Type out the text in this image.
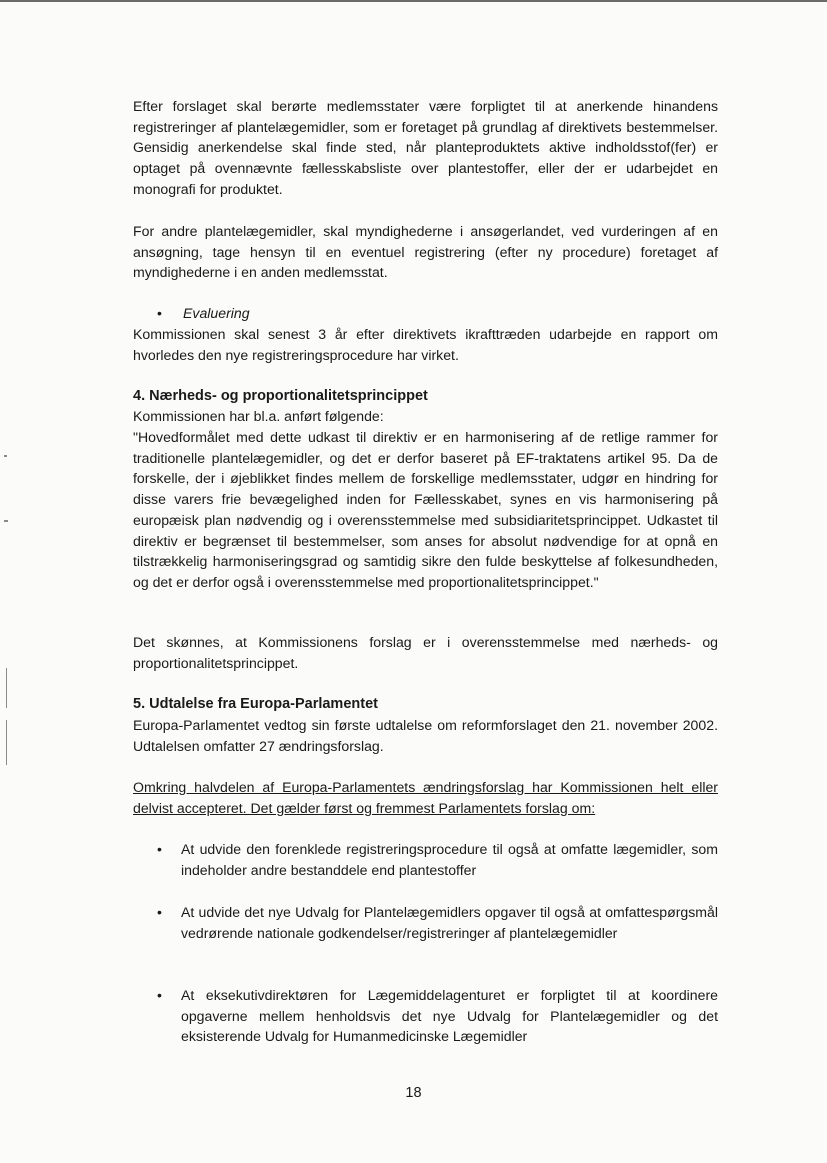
Efter forslaget skal berørte medlemsstater være forpligtet til at anerkende hinandens registreringer af plantelægemidler, som er foretaget på grundlag af direktivets bestemmelser. Gensidig anerkendelse skal finde sted, når planteproduktets aktive indholdsstof(fer) er optaget på ovennævnte fællesskabsliste over plantestoffer, eller der er udarbejdet en monografi for produktet.

For andre plantelægemidler, skal myndighederne i ansøgerlandet, ved vurderingen af en ansøgning, tage hensyn til en eventuel registrering (efter ny procedure) foretaget af myndighederne i en anden medlemsstat.

• Evaluering

Kommissionen skal senest 3 år efter direktivets ikrafttræden udarbejde en rapport om hvorledes den nye registreringsprocedure har virket.

4. Nærheds- og proportionalitetsprincippet

Kommissionen har bl.a. anført følgende:

"Hovedformålet med dette udkast til direktiv er en harmonisering af de retlige rammer for traditionelle plantelægemidler, og det er derfor baseret på EF-traktatens artikel 95. Da de forskelle, der i øjeblikket findes mellem de forskellige medlemsstater, udgør en hindring for disse varers frie bevægelighed inden for Fællesskabet, synes en vis harmonisering på europæisk plan nødvendig og i overensstemmelse med subsidiaritetsprincippet. Udkastet til direktiv er begrænset til bestemmelser, som anses for absolut nødvendige for at opnå en tilstrækkelig harmoniseringsgrad og samtidig sikre den fulde beskyttelse af folkesundheden, og det er derfor også i overensstemmelse med proportionalitetsprincippet."

Det skønnes, at Kommissionens forslag er i overensstemmelse med nærheds- og proportionalitetsprincippet.

5. Udtalelse fra Europa-Parlamentet

Europa-Parlamentet vedtog sin første udtalelse om reformforslaget den 21. november 2002. Udtalelsen omfatter 27 ændringsforslag.

Omkring halvdelen af Europa-Parlamentets ændringsforslag har Kommissionen helt eller delvist accepteret. Det gælder først og fremmest Parlamentets forslag om:

•	At udvide den forenklede registreringsprocedure til også at omfatte lægemidler, som indeholder andre bestanddele end plantestoffer

•	At udvide det nye Udvalg for Plantelægemidlers opgaver til også at omfattespørgsmål vedrørende nationale godkendelser/registreringer af plantelægemidler

•	At eksekutivdirektøren for Lægemiddelagenturet er forpligtet til at koordinere opgaverne mellem henholdsvis det nye Udvalg for Plantelægemidler og det eksisterende Udvalg for Humanmedicinske Lægemidler

18
